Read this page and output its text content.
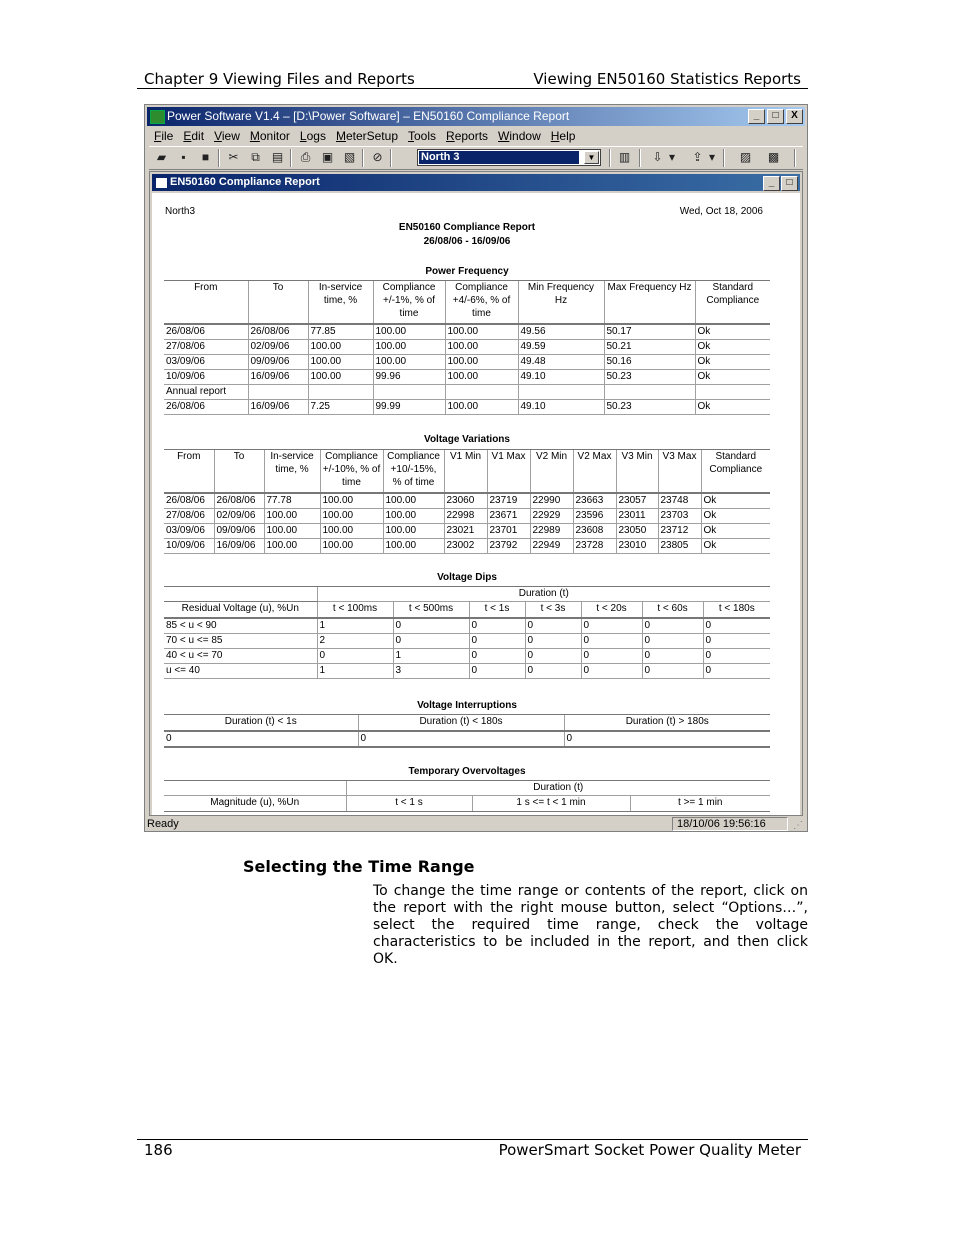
Chapter 9 Viewing Files and Reports	Viewing EN50160 Statistics Reports
Power Software V1.4 – [D:\Power Software] – EN50160 Compliance Report	_	□	X
File Edit View Monitor Logs MeterSetup Tools Reports Window Help
▰	▪	■	✂	⧉	▤	⎙ ▣ ▧ ⊘	North 3	▼ ▥ ⇩ ▾ ⇪ ▾ ▨ ▩
EN50160 Compliance Report	_	□
North3	Wed, Oct 18, 2006
EN50160 Compliance Report
26/08/06 - 16/09/06
Power Frequency
From	To	In-service time, %	Compliance +/-1%, % of time	Compliance +4/-6%, % of time	Min Frequency Hz	Max Frequency Hz	Standard Compliance
26/08/06	26/08/06	77.85	100.00	100.00	49.56	50.17	Ok
27/08/06	02/09/06	100.00	100.00	100.00	49.59	50.21	Ok
03/09/06	09/09/06	100.00	100.00	100.00	49.48	50.16	Ok
10/09/06	16/09/06	100.00	99.96	100.00	49.10	50.23	Ok
Annual report							
26/08/06	16/09/06	7.25	99.99	100.00	49.10	50.23	Ok
Voltage Variations
From	To	In-service time, %	Compliance +/-10%, % of time	Compliance +10/-15%, % of time	V1 Min	V1 Max	V2 Min	V2 Max	V3 Min	V3 Max	Standard Compliance
26/08/06	26/08/06	77.78	100.00	100.00	23060	23719	22990	23663	23057	23748	Ok
27/08/06	02/09/06	100.00	100.00	100.00	22998	23671	22929	23596	23011	23703	Ok
03/09/06	09/09/06	100.00	100.00	100.00	23021	23701	22989	23608	23050	23712	Ok
10/09/06	16/09/06	100.00	100.00	100.00	23002	23792	22949	23728	23010	23805	Ok
Voltage Dips
	Duration (t)						
Residual Voltage (u), %Un	t < 100ms	t < 500ms	t < 1s	t < 3s	t < 20s	t < 60s	t < 180s
85 < u < 90	1	0	0	0	0	0	0
70 < u <= 85	2	0	0	0	0	0	0
40 < u <= 70	0	1	0	0	0	0	0
u <= 40	1	3	0	0	0	0	0
Voltage Interruptions
Duration (t) < 1s	Duration (t) < 180s	Duration (t) > 180s
0	0	0
Temporary Overvoltages
	Duration (t)		
Magnitude (u), %Un	t < 1 s	1 s <= t < 1 min	t >= 1 min
Ready	18/10/06 19:56:16	⋰
Selecting the Time Range
To change the time range or contents of the report, click on the report with the right mouse button, select “Options…”, select the required time range, check the voltage characteristics to be included in the report, and then click OK.
186	PowerSmart Socket Power Quality Meter
